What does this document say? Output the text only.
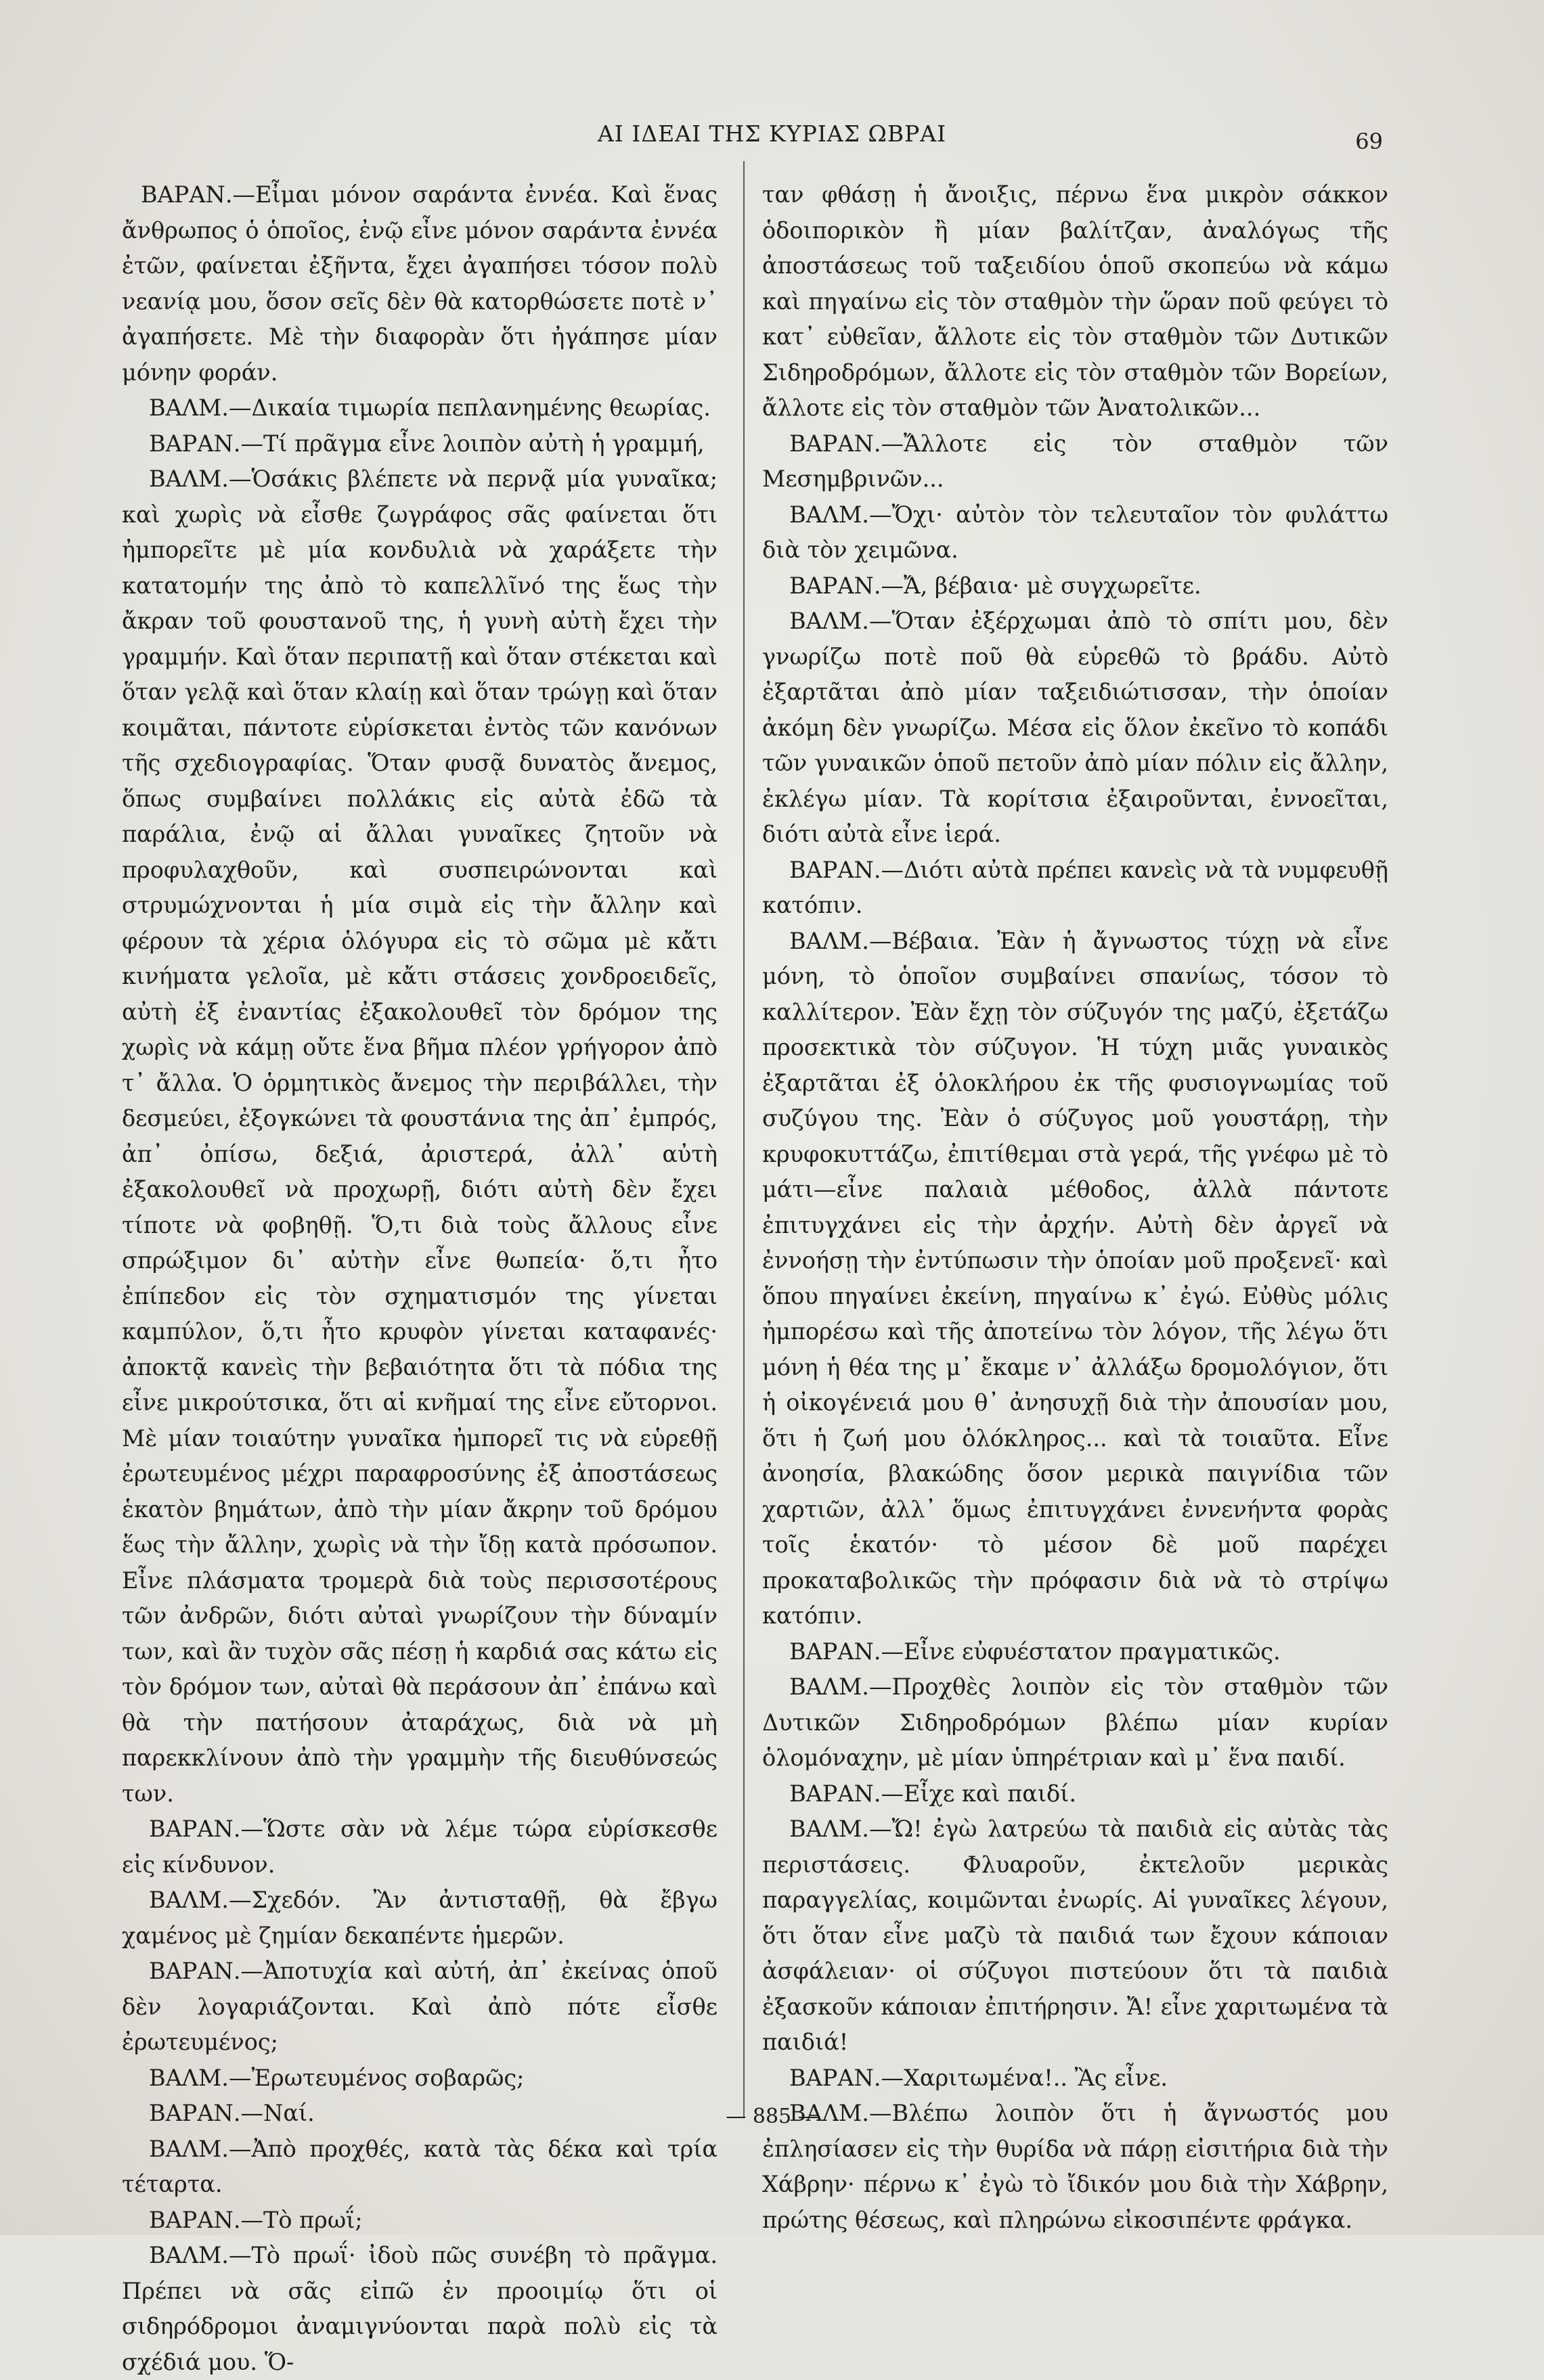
ΑΙ ΙΔΕΑΙ ΤΗΣ ΚΥΡΙΑΣ ΩΒΡΑΙ	69

ΒΑΡΑΝ.—Εἶμαι μόνον σαράντα ἐννέα. Καὶ ἕνας ἄνθρωπος ὁ ὁποῖος, ἐνῷ εἶνε μόνον σαράντα ἐννέα ἐτῶν, φαίνεται ἐξῆντα, ἔχει ἀγαπήσει τόσον πολὺ νεανίᾳ μου, ὅσον σεῖς δὲν θὰ κατορθώσετε ποτὲ ν᾽ ἀγαπήσετε. Μὲ τὴν διαφορὰν ὅτι ἠγάπησε μίαν μόνην φοράν.

ΒΑΛΜ.—Δικαία τιμωρία πεπλανημένης θεωρίας.

ΒΑΡΑΝ.—Τί πρᾶγμα εἶνε λοιπὸν αὐτὴ ἡ γραμμή,

ΒΑΛΜ.—Ὁσάκις βλέπετε νὰ περνᾷ μία γυναῖκα; καὶ χωρὶς νὰ εἶσθε ζωγράφος σᾶς φαίνεται ὅτι ἠμπορεῖτε μὲ μία κονδυλιὰ νὰ χαράξετε τὴν κατατομήν της ἀπὸ τὸ καπελλῖνό της ἕως τὴν ἄκραν τοῦ φουστανοῦ της, ἡ γυνὴ αὐτὴ ἔχει τὴν γραμμήν. Καὶ ὅταν περιπατῇ καὶ ὅταν στέκεται καὶ ὅταν γελᾷ καὶ ὅταν κλαίῃ καὶ ὅταν τρώγῃ καὶ ὅταν κοιμᾶται, πάντοτε εὑρίσκεται ἐντὸς τῶν κανόνων τῆς σχεδιογραφίας. Ὅταν φυσᾷ δυνατὸς ἄνεμος, ὅπως συμβαίνει πολλάκις εἰς αὐτὰ ἐδῶ τὰ παράλια, ἐνῷ αἱ ἄλλαι γυναῖκες ζητοῦν νὰ προφυλαχθοῦν, καὶ συσπειρώνονται καὶ στρυμώχνονται ἡ μία σιμὰ εἰς τὴν ἄλλην καὶ φέρουν τὰ χέρια ὁλόγυρα εἰς τὸ σῶμα μὲ κἄτι κινήματα γελοῖα, μὲ κἄτι στάσεις χονδροειδεῖς, αὐτὴ ἐξ ἐναντίας ἐξακολουθεῖ τὸν δρόμον της χωρὶς νὰ κάμῃ οὔτε ἕνα βῆμα πλέον γρήγορον ἀπὸ τ᾽ ἄλλα. Ὁ ὁρμητικὸς ἄνεμος τὴν περιβάλλει, τὴν δεσμεύει, ἐξογκώνει τὰ φουστάνια της ἀπ᾽ ἐμπρός, ἀπ᾽ ὀπίσω, δεξιά, ἀριστερά, ἀλλ᾽ αὐτὴ ἐξακολουθεῖ νὰ προχωρῇ, διότι αὐτὴ δὲν ἔχει τίποτε νὰ φοβηθῇ. Ὅ,τι διὰ τοὺς ἄλλους εἶνε σπρώξιμον δι᾽ αὐτὴν εἶνε θωπεία· ὅ,τι ἦτο ἐπίπεδον εἰς τὸν σχηματισμόν της γίνεται καμπύλον, ὅ,τι ἦτο κρυφὸν γίνεται καταφανές· ἀποκτᾷ κανεὶς τὴν βεβαιότητα ὅτι τὰ πόδια της εἶνε μικρούτσικα, ὅτι αἱ κνῆμαί της εἶνε εὔτορνοι. Μὲ μίαν τοιαύτην γυναῖκα ἠμπορεῖ τις νὰ εὑρεθῇ ἐρωτευμένος μέχρι παραφροσύνης ἐξ ἀποστάσεως ἑκατὸν βημάτων, ἀπὸ τὴν μίαν ἄκρην τοῦ δρόμου ἕως τὴν ἄλλην, χωρὶς νὰ τὴν ἴδῃ κατὰ πρόσωπον. Εἶνε πλάσματα τρομερὰ διὰ τοὺς περισσοτέρους τῶν ἀνδρῶν, διότι αὐταὶ γνωρίζουν τὴν δύναμίν των, καὶ ἂν τυχὸν σᾶς πέσῃ ἡ καρδιά σας κάτω εἰς τὸν δρόμον των, αὐταὶ θὰ περάσουν ἀπ᾽ ἐπάνω καὶ θὰ τὴν πατήσουν ἀταράχως, διὰ νὰ μὴ παρεκκλίνουν ἀπὸ τὴν γραμμὴν τῆς διευθύνσεώς των.

ΒΑΡΑΝ.—Ὥστε σὰν νὰ λέμε τώρα εὑρίσκεσθε εἰς κίνδυνον.

ΒΑΛΜ.—Σχεδόν. Ἂν ἀντισταθῇ, θὰ ἔβγω χαμένος μὲ ζημίαν δεκαπέντε ἡμερῶν.

ΒΑΡΑΝ.—Ἀποτυχία καὶ αὐτή, ἀπ᾽ ἐκείνας ὁποῦ δὲν λογαριάζονται. Καὶ ἀπὸ πότε εἶσθε ἐρωτευμένος;

ΒΑΛΜ.—Ἐρωτευμένος σοβαρῶς;

ΒΑΡΑΝ.—Ναί.

ΒΑΛΜ.—Ἀπὸ προχθές, κατὰ τὰς δέκα καὶ τρία τέταρτα.

ΒΑΡΑΝ.—Τὸ πρωΐ;

ΒΑΛΜ.—Τὸ πρωΐ· ἰδοὺ πῶς συνέβη τὸ πρᾶγμα. Πρέπει νὰ σᾶς εἰπῶ ἐν προοιμίῳ ὅτι οἱ σιδηρόδρομοι ἀναμιγνύονται παρὰ πολὺ εἰς τὰ σχέδιά μου. Ὅ-

ταν φθάσῃ ἡ ἄνοιξις, πέρνω ἕνα μικρὸν σάκκον ὁδοιπορικὸν ἢ μίαν βαλίτζαν, ἀναλόγως τῆς ἀποστάσεως τοῦ ταξειδίου ὁποῦ σκοπεύω νὰ κάμω καὶ πηγαίνω εἰς τὸν σταθμὸν τὴν ὥραν ποῦ φεύγει τὸ κατ᾽ εὐθεῖαν, ἄλλοτε εἰς τὸν σταθμὸν τῶν Δυτικῶν Σιδηροδρόμων, ἄλλοτε εἰς τὸν σταθμὸν τῶν Βορείων, ἄλλοτε εἰς τὸν σταθμὸν τῶν Ἀνατολικῶν...

ΒΑΡΑΝ.—Ἄλλοτε εἰς τὸν σταθμὸν τῶν Μεσημβρινῶν...

ΒΑΛΜ.—Ὄχι· αὐτὸν τὸν τελευταῖον τὸν φυλάττω διὰ τὸν χειμῶνα.

ΒΑΡΑΝ.—Ἄ, βέβαια· μὲ συγχωρεῖτε.

ΒΑΛΜ.—Ὅταν ἐξέρχωμαι ἀπὸ τὸ σπίτι μου, δὲν γνωρίζω ποτὲ ποῦ θὰ εὑρεθῶ τὸ βράδυ. Αὐτὸ ἐξαρτᾶται ἀπὸ μίαν ταξειδιώτισσαν, τὴν ὁποίαν ἀκόμη δὲν γνωρίζω. Μέσα εἰς ὅλον ἐκεῖνο τὸ κοπάδι τῶν γυναικῶν ὁποῦ πετοῦν ἀπὸ μίαν πόλιν εἰς ἄλλην, ἐκλέγω μίαν. Τὰ κορίτσια ἐξαιροῦνται, ἐννοεῖται, διότι αὐτὰ εἶνε ἱερά.

ΒΑΡΑΝ.—Διότι αὐτὰ πρέπει κανεὶς νὰ τὰ νυμφευθῇ κατόπιν.

ΒΑΛΜ.—Βέβαια. Ἐὰν ἡ ἄγνωστος τύχῃ νὰ εἶνε μόνη, τὸ ὁποῖον συμβαίνει σπανίως, τόσον τὸ καλλίτερον. Ἐὰν ἔχῃ τὸν σύζυγόν της μαζύ, ἐξετάζω προσεκτικὰ τὸν σύζυγον. Ἡ τύχη μιᾶς γυναικὸς ἐξαρτᾶται ἐξ ὁλοκλήρου ἐκ τῆς φυσιογνωμίας τοῦ συζύγου της. Ἐὰν ὁ σύζυγος μοῦ γουστάρῃ, τὴν κρυφοκυττάζω, ἐπιτίθεμαι στὰ γερά, τῆς γνέφω μὲ τὸ μάτι—εἶνε παλαιὰ μέθοδος, ἀλλὰ πάντοτε ἐπιτυγχάνει εἰς τὴν ἀρχήν. Αὐτὴ δὲν ἀργεῖ νὰ ἐννοήσῃ τὴν ἐντύπωσιν τὴν ὁποίαν μοῦ προξενεῖ· καὶ ὅπου πηγαίνει ἐκείνη, πηγαίνω κ᾽ ἐγώ. Εὐθὺς μόλις ἠμπορέσω καὶ τῆς ἀποτείνω τὸν λόγον, τῆς λέγω ὅτι μόνη ἡ θέα της μ᾽ ἔκαμε ν᾽ ἀλλάξω δρομολόγιον, ὅτι ἡ οἰκογένειά μου θ᾽ ἀνησυχῇ διὰ τὴν ἀπουσίαν μου, ὅτι ἡ ζωή μου ὁλόκληρος... καὶ τὰ τοιαῦτα. Εἶνε ἀνοησία, βλακώδης ὅσον μερικὰ παιγνίδια τῶν χαρτιῶν, ἀλλ᾽ ὅμως ἐπιτυγχάνει ἐννενήντα φορὰς τοῖς ἑκατόν· τὸ μέσον δὲ μοῦ παρέχει προκαταβολικῶς τὴν πρόφασιν διὰ νὰ τὸ στρίψω κατόπιν.

ΒΑΡΑΝ.—Εἶνε εὐφυέστατον πραγματικῶς.

ΒΑΛΜ.—Προχθὲς λοιπὸν εἰς τὸν σταθμὸν τῶν Δυτικῶν Σιδηροδρόμων βλέπω μίαν κυρίαν ὁλομόναχην, μὲ μίαν ὑπηρέτριαν καὶ μ᾽ ἕνα παιδί.

ΒΑΡΑΝ.—Εἶχε καὶ παιδί.

ΒΑΛΜ.—Ὤ! ἐγὼ λατρεύω τὰ παιδιὰ εἰς αὐτὰς τὰς περιστάσεις. Φλυαροῦν, ἐκτελοῦν μερικὰς παραγγελίας, κοιμῶνται ἐνωρίς. Αἱ γυναῖκες λέγουν, ὅτι ὅταν εἶνε μαζὺ τὰ παιδιά των ἔχουν κάποιαν ἀσφάλειαν· οἱ σύζυγοι πιστεύουν ὅτι τὰ παιδιὰ ἐξασκοῦν κάποιαν ἐπιτήρησιν. Ἄ! εἶνε χαριτωμένα τὰ παιδιά!

ΒΑΡΑΝ.—Χαριτωμένα!.. Ἂς εἶνε.

ΒΑΛΜ.—Βλέπω λοιπὸν ὅτι ἡ ἄγνωστός μου ἐπλησίασεν εἰς τὴν θυρίδα νὰ πάρῃ εἰσιτήρια διὰ τὴν Χάβρην· πέρνω κ᾽ ἐγὼ τὸ ἴδικόν μου διὰ τὴν Χάβρην, πρώτης θέσεως, καὶ πληρώνω εἰκοσιπέντε φράγκα.

— 885 —
